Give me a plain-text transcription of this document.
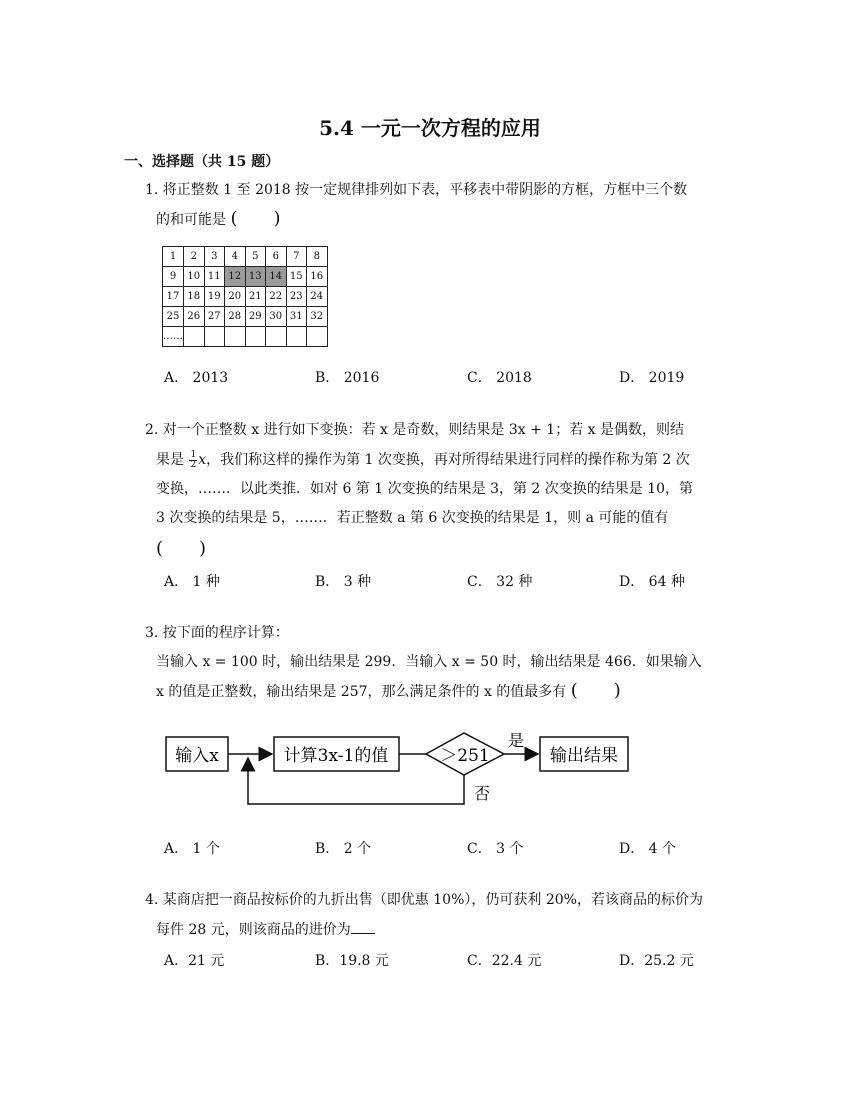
5.4 一元一次方程的应用
一、选择题（共 15 题）
1. 将正整数 1 至 2018 按一定规律排列如下表，平移表中带阴影的方框，方框中三个数
的和可能是 (　　)
1	2	3	4	5	6	7	8
9	10	11	12	13	14	15	16
17	18	19	20	21	22	23	24
25	26	27	28	29	30	31	32
……							
A． 2013	B． 2016	C． 2018	D． 2019
2. 对一个正整数 x 进行如下变换：若 x 是奇数，则结果是 3x + 1；若 x 是偶数，则结
果是 $\frac{1}{2}$ x，我们称这样的操作为第 1 次变换，再对所得结果进行同样的操作称为第 2 次
变换，……．以此类推．如对 6 第 1 次变换的结果是 3，第 2 次变换的结果是 10，第
3 次变换的结果是 5，……．若正整数 a 第 6 次变换的结果是 1，则 a 可能的值有
(　　)
A． 1 种	B． 3 种	C． 32 种	D． 64 种
3. 按下面的程序计算：
当输入 x = 100 时，输出结果是 299．当输入 x = 50 时，输出结果是 466．如果输入
x 的值是正整数，输出结果是 257，那么满足条件的 x 的值最多有 (　　)
输入x	计算3x-1的值	＞251
是
输出结果
否
A． 1 个	B． 2 个	C． 3 个	D． 4 个
4. 某商店把一商品按标价的九折出售（即优惠 10%），仍可获利 20%，若该商品的标价为
每件 28 元，则该商品的进价为
A．21 元	B．19.8 元	C．22.4 元	D．25.2 元
